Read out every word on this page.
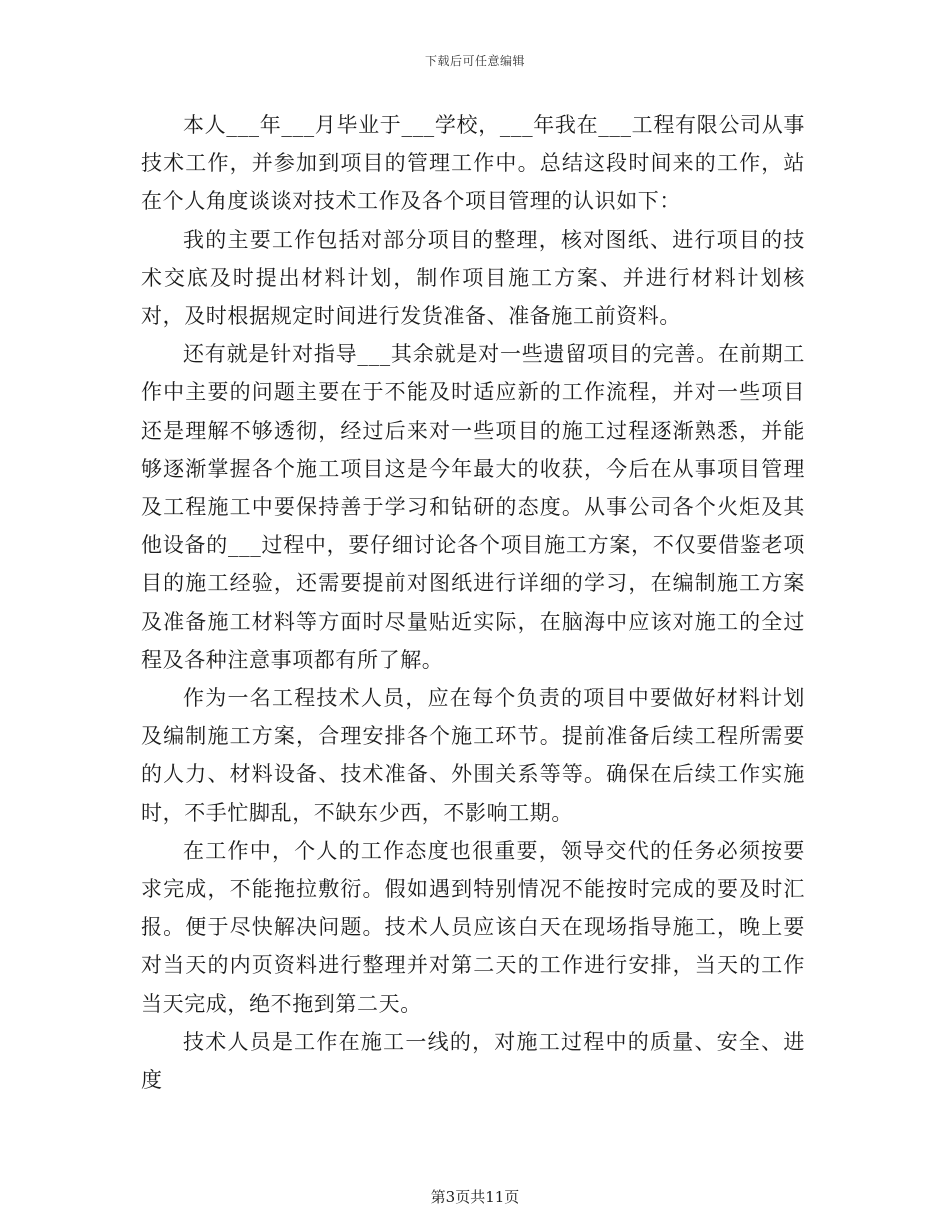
下载后可任意编辑

本人___年___月毕业于___学校，___年我在___工程有限公司从事技术工作，并参加到项目的管理工作中。总结这段时间来的工作，站在个人角度谈谈对技术工作及各个项目管理的认识如下：

我的主要工作包括对部分项目的整理，核对图纸、进行项目的技术交底及时提出材料计划，制作项目施工方案、并进行材料计划核对，及时根据规定时间进行发货准备、准备施工前资料。

还有就是针对指导___其余就是对一些遗留项目的完善。在前期工作中主要的问题主要在于不能及时适应新的工作流程，并对一些项目还是理解不够透彻，经过后来对一些项目的施工过程逐渐熟悉，并能够逐渐掌握各个施工项目这是今年最大的收获，今后在从事项目管理及工程施工中要保持善于学习和钻研的态度。从事公司各个火炬及其他设备的___过程中，要仔细讨论各个项目施工方案，不仅要借鉴老项目的施工经验，还需要提前对图纸进行详细的学习，在编制施工方案及准备施工材料等方面时尽量贴近实际，在脑海中应该对施工的全过程及各种注意事项都有所了解。

作为一名工程技术人员，应在每个负责的项目中要做好材料计划及编制施工方案，合理安排各个施工环节。提前准备后续工程所需要的人力、材料设备、技术准备、外围关系等等。确保在后续工作实施时，不手忙脚乱，不缺东少西，不影响工期。

在工作中，个人的工作态度也很重要，领导交代的任务必须按要求完成，不能拖拉敷衍。假如遇到特别情况不能按时完成的要及时汇报。便于尽快解决问题。技术人员应该白天在现场指导施工，晚上要对当天的内页资料进行整理并对第二天的工作进行安排，当天的工作当天完成，绝不拖到第二天。

技术人员是工作在施工一线的，对施工过程中的质量、安全、进度

第3页共11页
